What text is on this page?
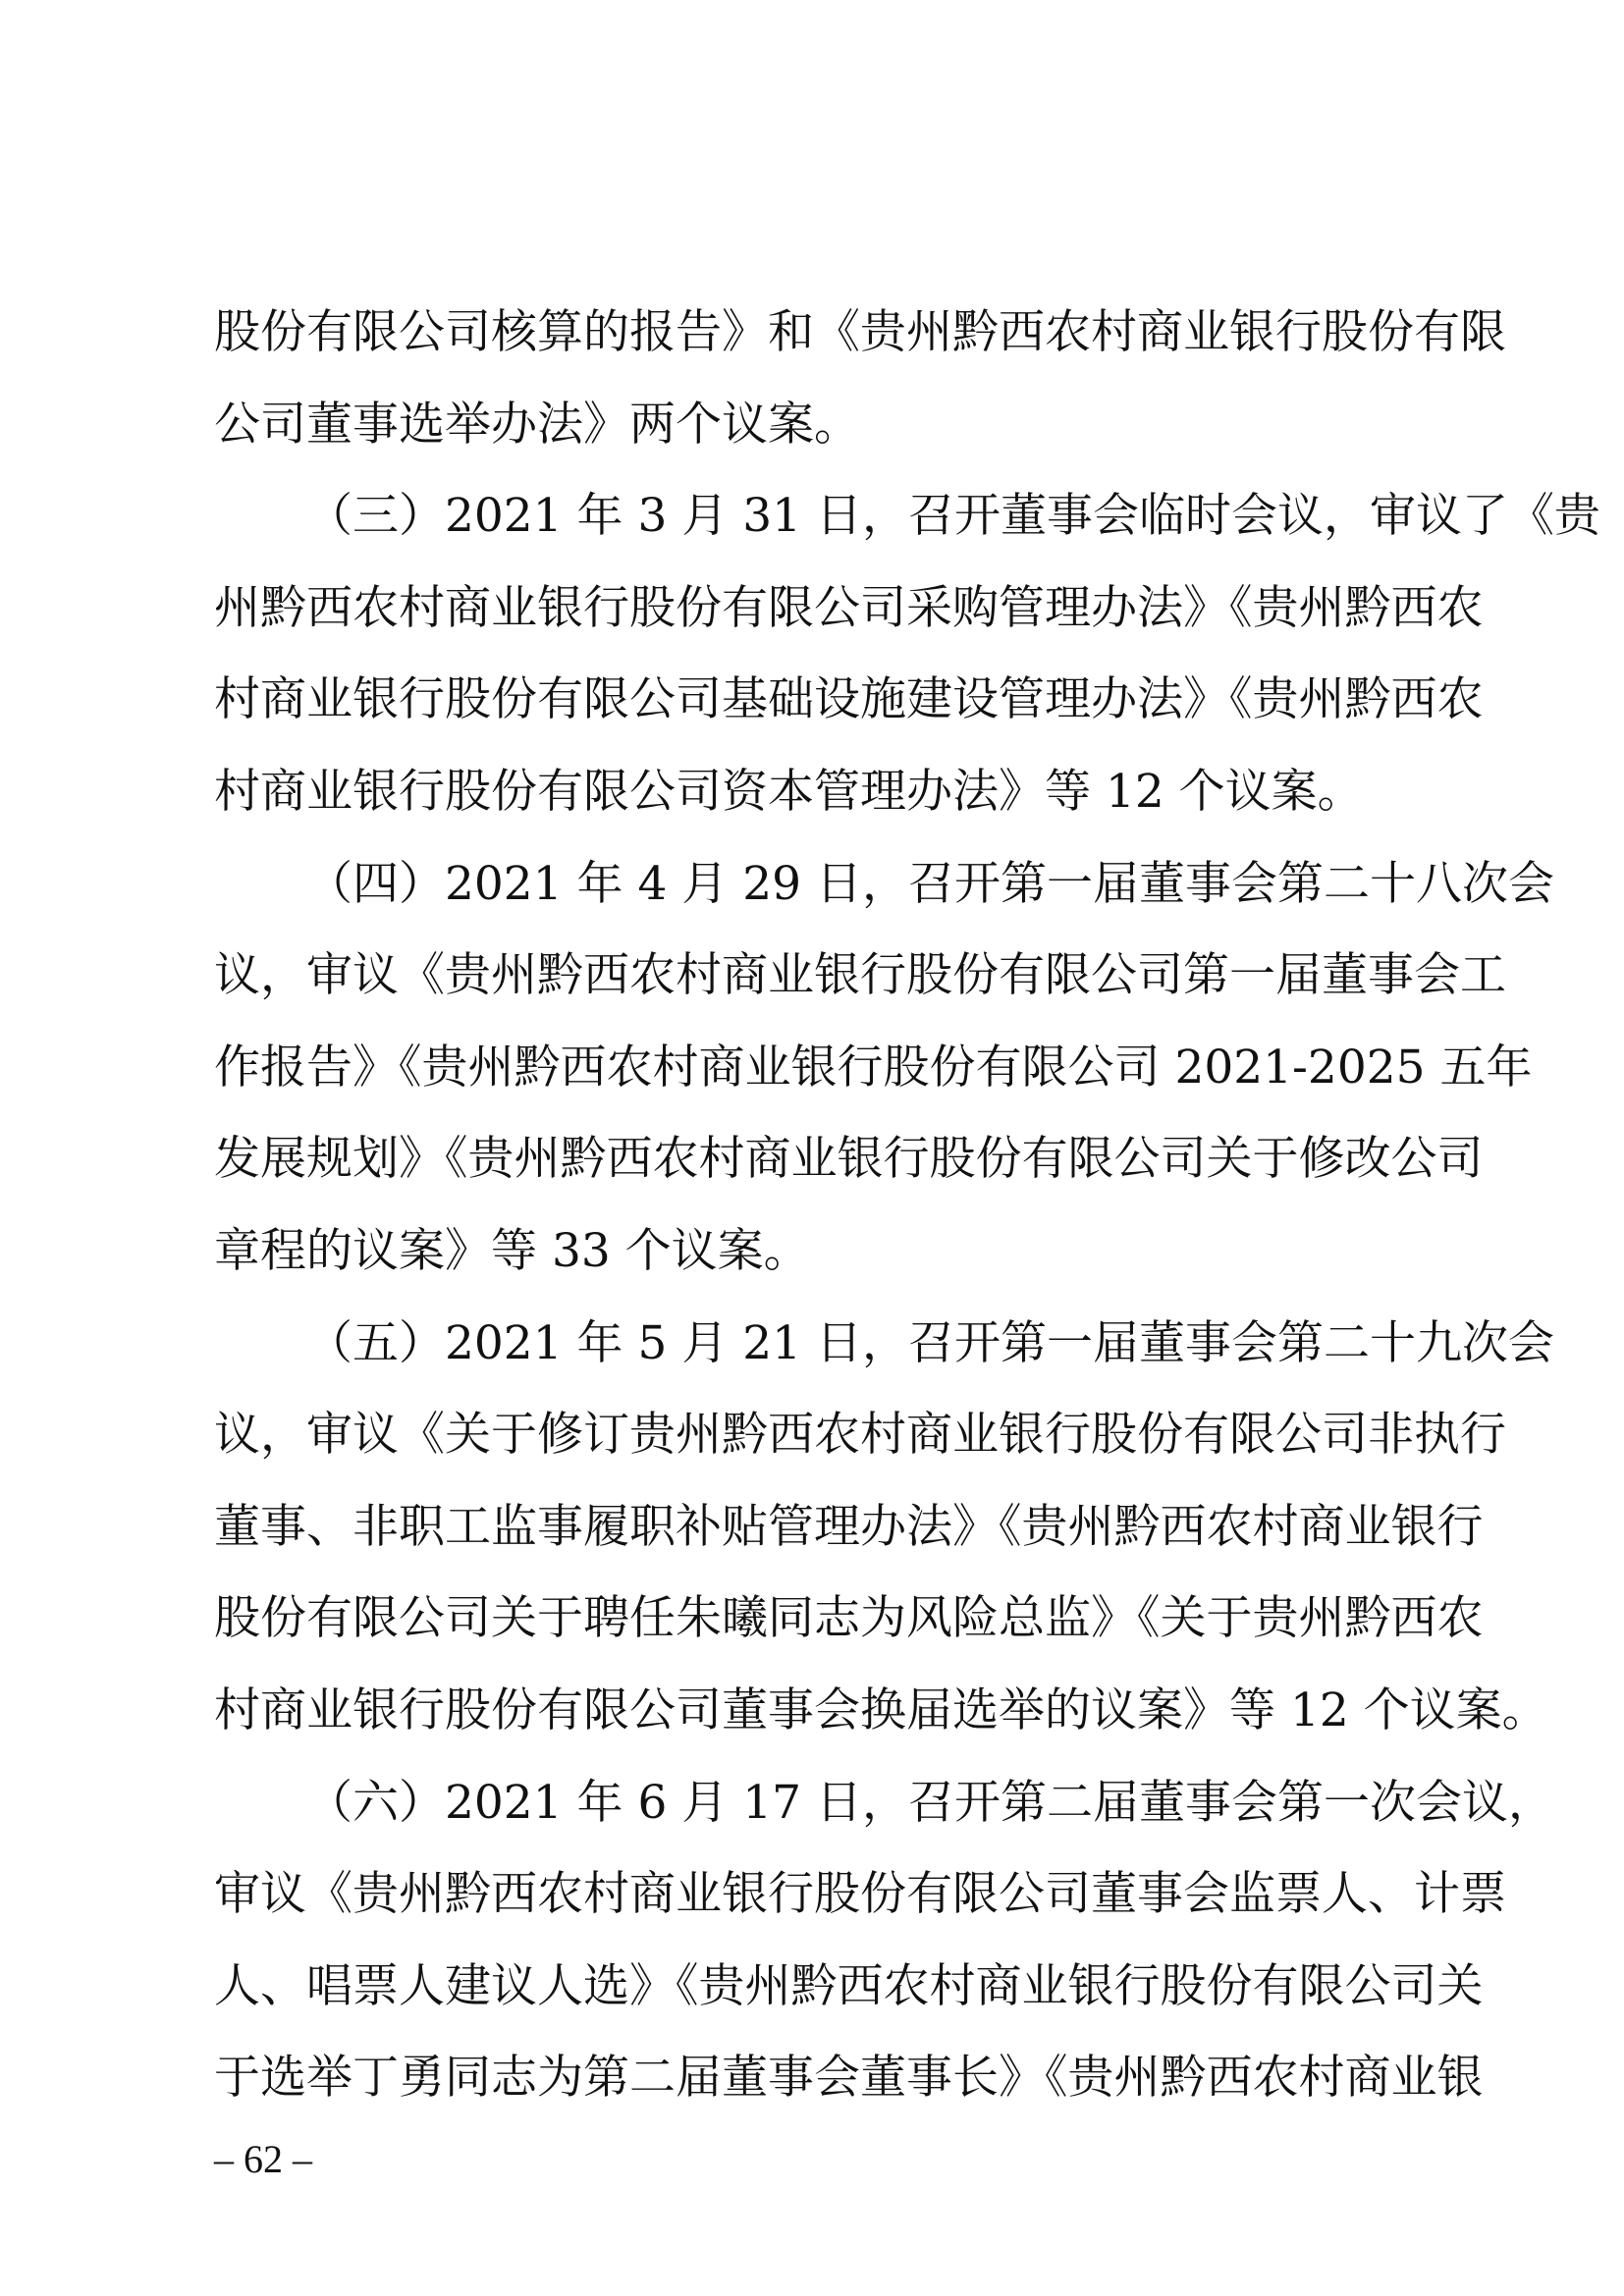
股份有限公司核算的报告》和《贵州黔西农村商业银行股份有限
公司董事选举办法》两个议案。
（三）2021 年 3 月 31 日，召开董事会临时会议，审议了《贵
州黔西农村商业银行股份有限公司采购管理办法》《贵州黔西农
村商业银行股份有限公司基础设施建设管理办法》《贵州黔西农
村商业银行股份有限公司资本管理办法》等 12 个议案。
（四）2021 年 4 月 29 日，召开第一届董事会第二十八次会
议，审议《贵州黔西农村商业银行股份有限公司第一届董事会工
作报告》《贵州黔西农村商业银行股份有限公司 2021-2025 五年
发展规划》《贵州黔西农村商业银行股份有限公司关于修改公司
章程的议案》等 33 个议案。
（五）2021 年 5 月 21 日，召开第一届董事会第二十九次会
议，审议《关于修订贵州黔西农村商业银行股份有限公司非执行
董事、非职工监事履职补贴管理办法》《贵州黔西农村商业银行
股份有限公司关于聘任朱曦同志为风险总监》《关于贵州黔西农
村商业银行股份有限公司董事会换届选举的议案》等 12 个议案。
（六）2021 年 6 月 17 日，召开第二届董事会第一次会议，
审议《贵州黔西农村商业银行股份有限公司董事会监票人、计票
人、唱票人建议人选》《贵州黔西农村商业银行股份有限公司关
于选举丁勇同志为第二届董事会董事长》《贵州黔西农村商业银
– 62 –
